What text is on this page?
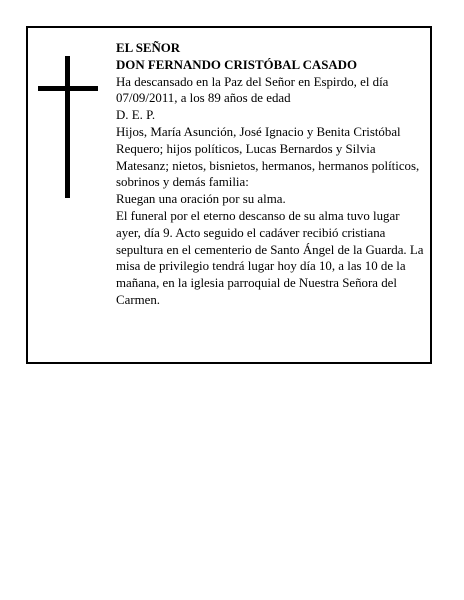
EL SEÑOR

DON FERNANDO CRISTÓBAL CASADO

Ha descansado en la Paz del Señor en Espirdo, el día 07/09/2011, a los 89 años de edad

D. E. P.

Hijos, María Asunción, José Ignacio y Benita Cristóbal Requero; hijos políticos, Lucas Bernardos y Silvia Matesanz; nietos, bisnietos, hermanos, hermanos políticos, sobrinos y demás familia:

Ruegan una oración por su alma.

El funeral por el eterno descanso de su alma tuvo lugar ayer, día 9. Acto seguido el cadáver recibió cristiana sepultura en el cementerio de Santo Ángel de la Guarda. La misa de privilegio tendrá lugar hoy día 10, a las 10 de la mañana, en la iglesia parroquial de Nuestra Señora del Carmen.
